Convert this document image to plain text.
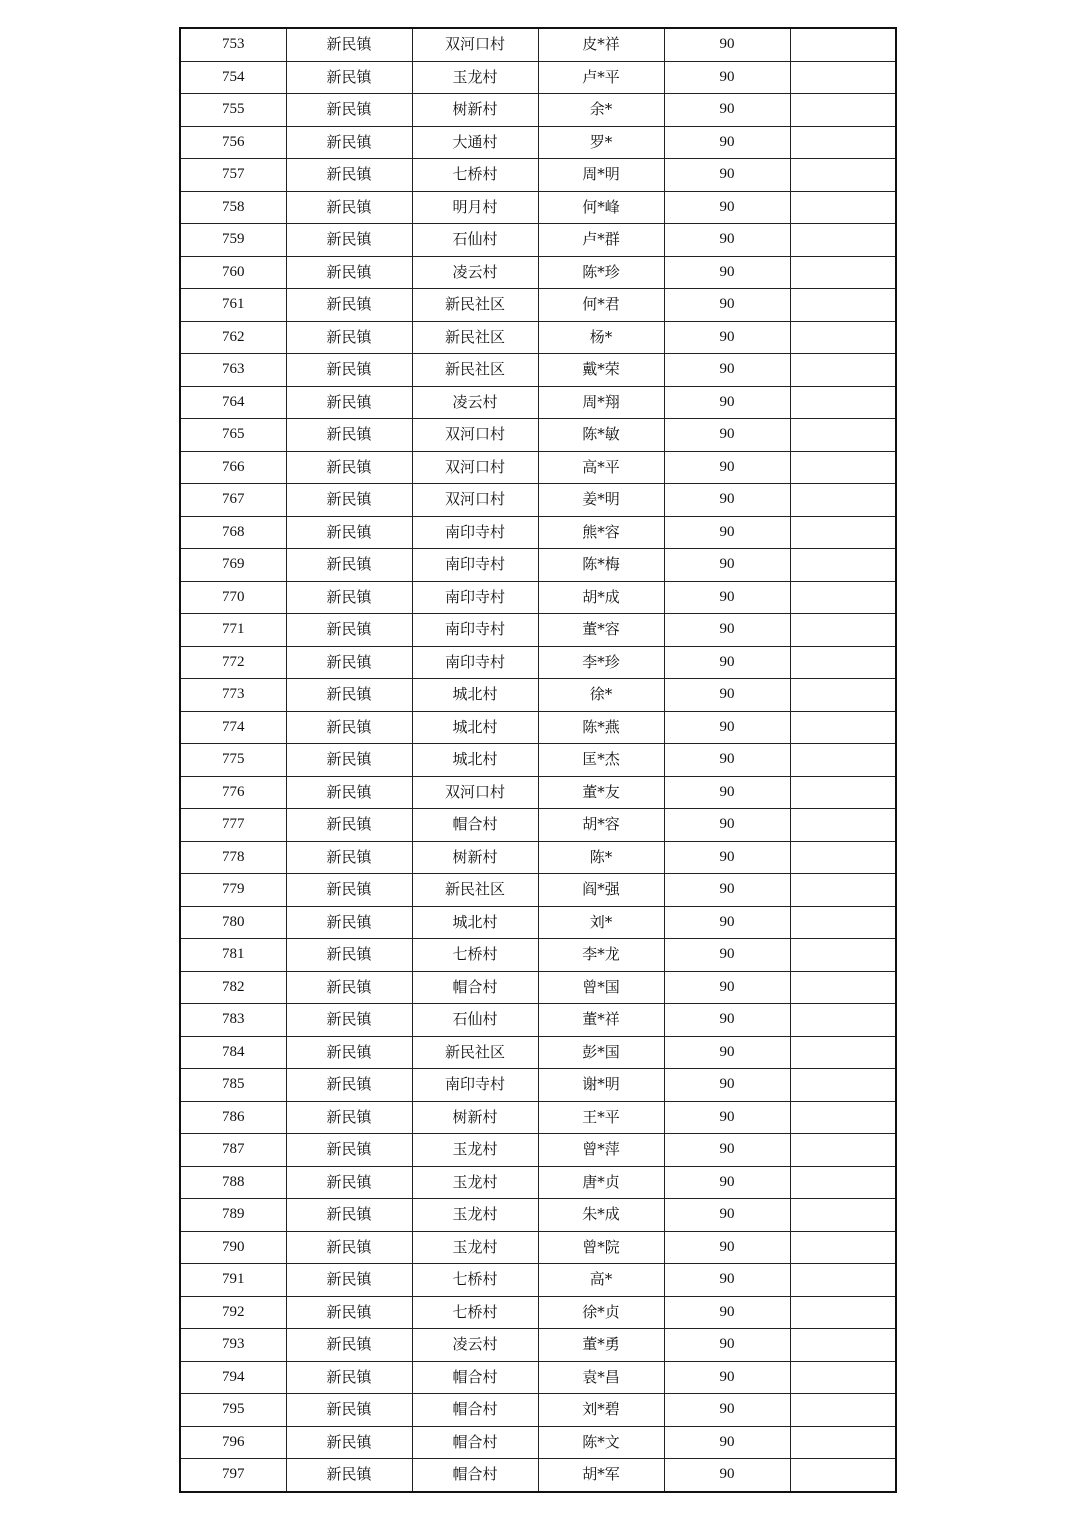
753	新民镇	双河口村	皮*祥	90	
754	新民镇	玉龙村	卢*平	90	
755	新民镇	树新村	余*	90	
756	新民镇	大通村	罗*	90	
757	新民镇	七桥村	周*明	90	
758	新民镇	明月村	何*峰	90	
759	新民镇	石仙村	卢*群	90	
760	新民镇	凌云村	陈*珍	90	
761	新民镇	新民社区	何*君	90	
762	新民镇	新民社区	杨*	90	
763	新民镇	新民社区	戴*荣	90	
764	新民镇	凌云村	周*翔	90	
765	新民镇	双河口村	陈*敏	90	
766	新民镇	双河口村	高*平	90	
767	新民镇	双河口村	姜*明	90	
768	新民镇	南印寺村	熊*容	90	
769	新民镇	南印寺村	陈*梅	90	
770	新民镇	南印寺村	胡*成	90	
771	新民镇	南印寺村	董*容	90	
772	新民镇	南印寺村	李*珍	90	
773	新民镇	城北村	徐*	90	
774	新民镇	城北村	陈*燕	90	
775	新民镇	城北村	匡*杰	90	
776	新民镇	双河口村	董*友	90	
777	新民镇	帽合村	胡*容	90	
778	新民镇	树新村	陈*	90	
779	新民镇	新民社区	阎*强	90	
780	新民镇	城北村	刘*	90	
781	新民镇	七桥村	李*龙	90	
782	新民镇	帽合村	曾*国	90	
783	新民镇	石仙村	董*祥	90	
784	新民镇	新民社区	彭*国	90	
785	新民镇	南印寺村	谢*明	90	
786	新民镇	树新村	王*平	90	
787	新民镇	玉龙村	曾*萍	90	
788	新民镇	玉龙村	唐*贞	90	
789	新民镇	玉龙村	朱*成	90	
790	新民镇	玉龙村	曾*院	90	
791	新民镇	七桥村	高*	90	
792	新民镇	七桥村	徐*贞	90	
793	新民镇	凌云村	董*勇	90	
794	新民镇	帽合村	袁*昌	90	
795	新民镇	帽合村	刘*碧	90	
796	新民镇	帽合村	陈*文	90	
797	新民镇	帽合村	胡*军	90	
